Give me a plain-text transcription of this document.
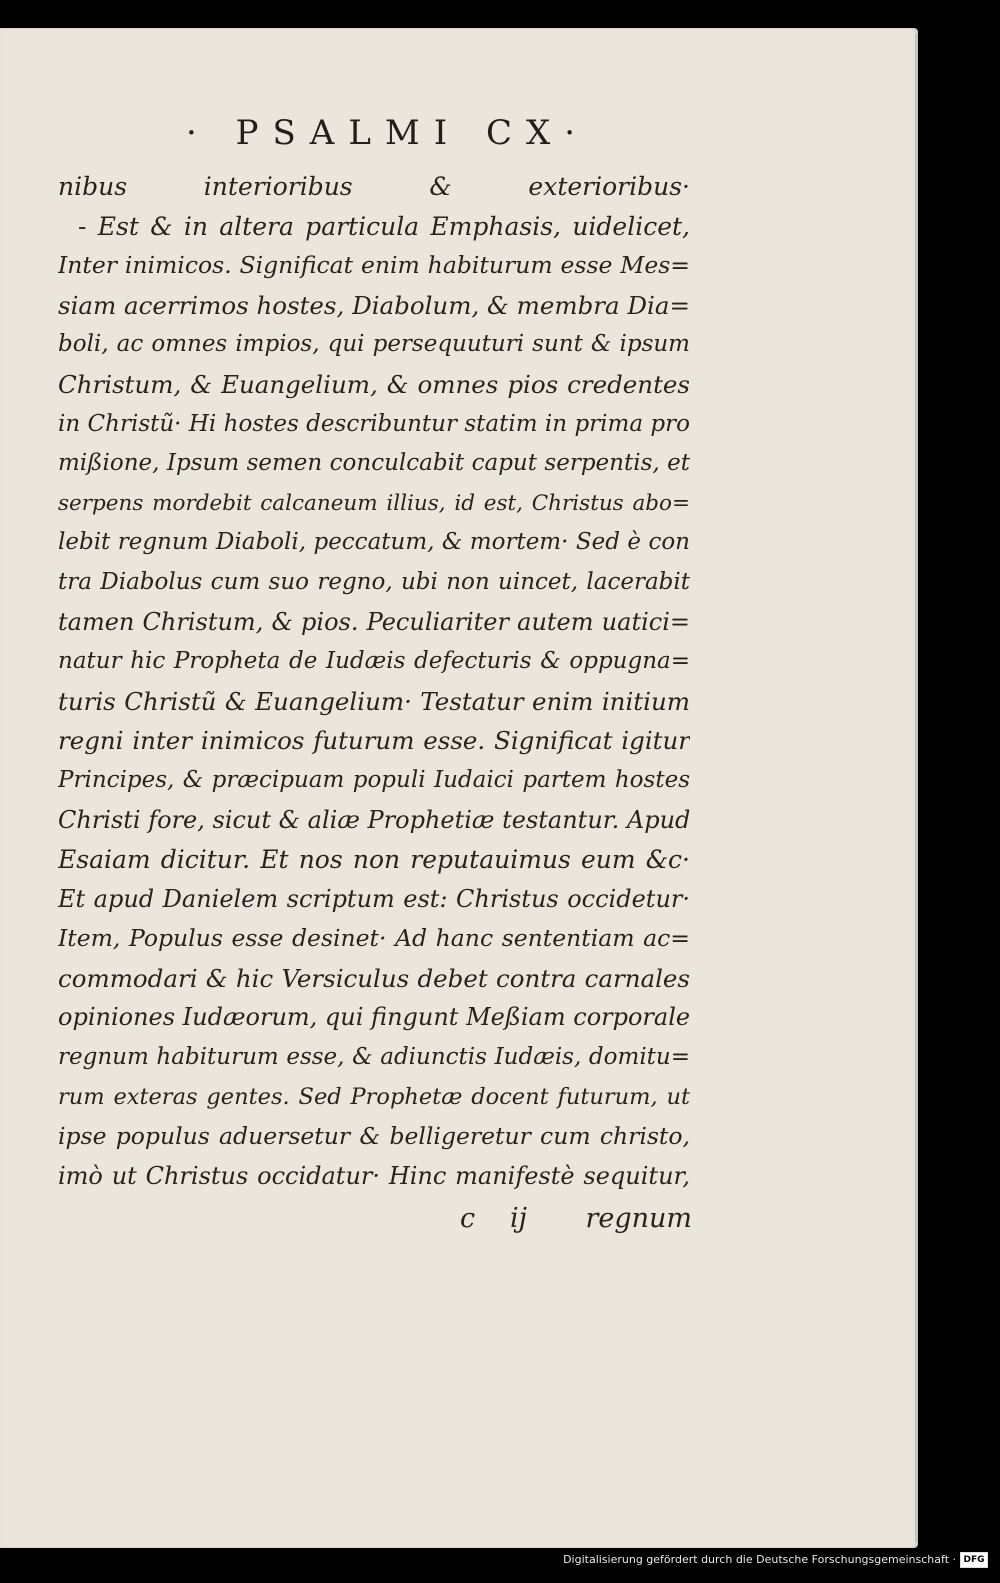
· PSALMI CX·
nibus interioribus & exterioribus·
- Est & in altera particula Emphasis, uidelicet,
Inter inimicos. Significat enim habiturum esse Mes=
siam acerrimos hostes, Diabolum, & membra Dia=
boli, ac omnes impios, qui persequuturi sunt & ipsum
Christum, & Euangelium, & omnes pios credentes
in Christũ· Hi hostes describuntur statim in prima pro
mißione, Ipsum semen conculcabit caput serpentis, et
serpens mordebit calcaneum illius, id est, Christus abo=
lebit regnum Diaboli, peccatum, & mortem· Sed è con
tra Diabolus cum suo regno, ubi non uincet, lacerabit
tamen Christum, & pios. Peculiariter autem uatici=
natur hic Propheta de Iudæis defecturis & oppugna=
turis Christũ & Euangelium· Testatur enim initium
regni inter inimicos futurum esse. Significat igitur
Principes, & præcipuam populi Iudaici partem hostes
Christi fore, sicut & aliæ Prophetiæ testantur. Apud
Esaiam dicitur. Et nos non reputauimus eum &c·
Et apud Danielem scriptum est: Christus occidetur·
Item, Populus esse desinet· Ad hanc sententiam ac=
commodari & hic Versiculus debet contra carnales
opiniones Iudæorum, qui fingunt Meßiam corporale
regnum habiturum esse, & adiunctis Iudæis, domitu=
rum exteras gentes. Sed Prophetæ docent futurum, ut
ipse populus aduersetur & belligeretur cum christo,
imò ut Christus occidatur· Hinc manifestè sequitur,
c ij regnum
Digitalisierung gefördert durch die Deutsche Forschungsgemeinschaft · DFG
